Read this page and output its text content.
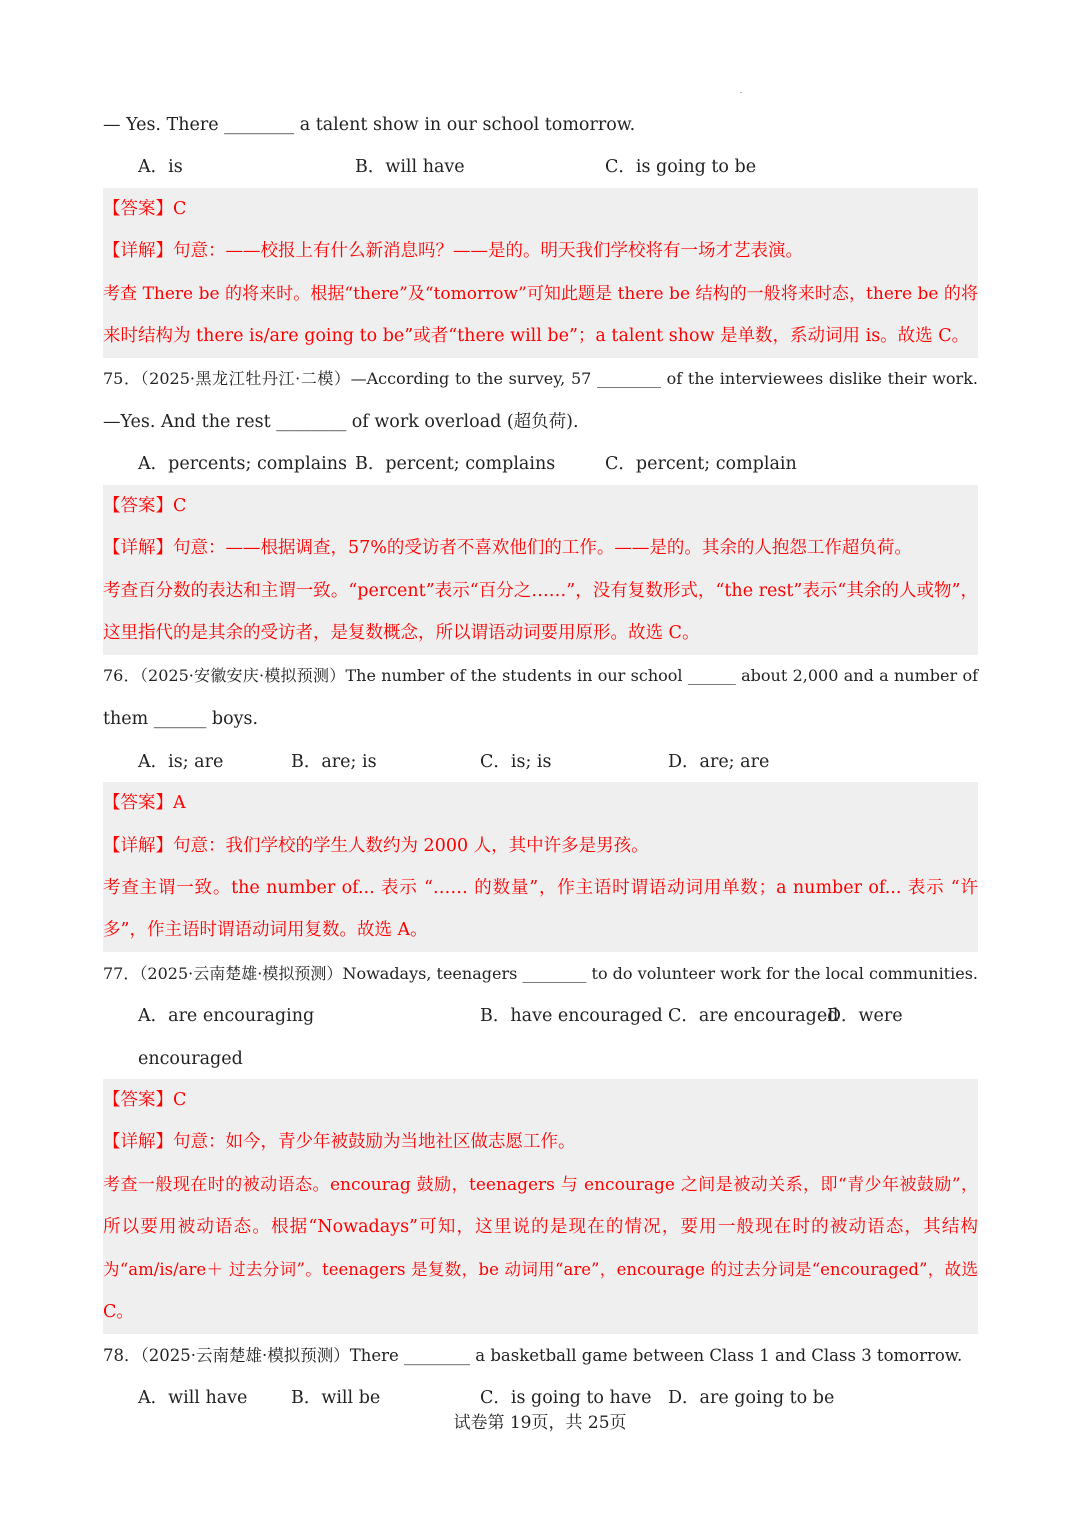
— Yes. There ________ a talent show in our school tomorrow.
A．is	B．will have	C．is going to be
【答案】C
【详解】句意：——校报上有什么新消息吗？——是的。明天我们学校将有一场才艺表演。
考查 There be 的将来时。根据“there”及“tomorrow”可知此题是 there be 结构的一般将来时态，there be 的将
来时结构为 there is/are going to be”或者“there will be”；a talent show 是单数，系动词用 is。故选 C。
75．（2025·黑龙江牡丹江·二模）—According to the survey, 57 ________ of the interviewees dislike their work.
—Yes. And the rest ________ of work overload (超负荷).
A．percents; complains B．percent; complains	C．percent; complain
【答案】C
【详解】句意：——根据调查，57%的受访者不喜欢他们的工作。——是的。其余的人抱怨工作超负荷。
考查百分数的表达和主谓一致。“percent”表示“百分之……”，没有复数形式，“the rest”表示“其余的人或物”，
这里指代的是其余的受访者，是复数概念，所以谓语动词要用原形。故选 C。
76．（2025·安徽安庆·模拟预测）The number of the students in our school ______ about 2,000 and a number of
them ______ boys.
A．is; are	B．are; is	C．is; is	D．are; are
【答案】A
【详解】句意：我们学校的学生人数约为 2000 人，其中许多是男孩。
考查主谓一致。the number of... 表示 “…… 的数量”，作主语时谓语动词用单数；a number of... 表示 “许
多”，作主语时谓语动词用复数。故选 A。
77．（2025·云南楚雄·模拟预测）Nowadays, teenagers ________ to do volunteer work for the local communities.
A．are encouraging	B．have encouraged C．are encouraged
D．were
encouraged
【答案】C
【详解】句意：如今，青少年被鼓励为当地社区做志愿工作。
考查一般现在时的被动语态。encourag 鼓励，teenagers 与 encourage 之间是被动关系，即“青少年被鼓励”，
所以要用被动语态。根据“Nowadays”可知，这里说的是现在的情况，要用一般现在时的被动语态，其结构
为“am/is/are＋ 过去分词”。teenagers 是复数，be 动词用“are”，encourage 的过去分词是“encouraged”，故选
C。
78．（2025·云南楚雄·模拟预测）There ________ a basketball game between Class 1 and Class 3 tomorrow.
A．will have B．will be	C．is going to have D．are going to be
试卷第 19页，共 25页
